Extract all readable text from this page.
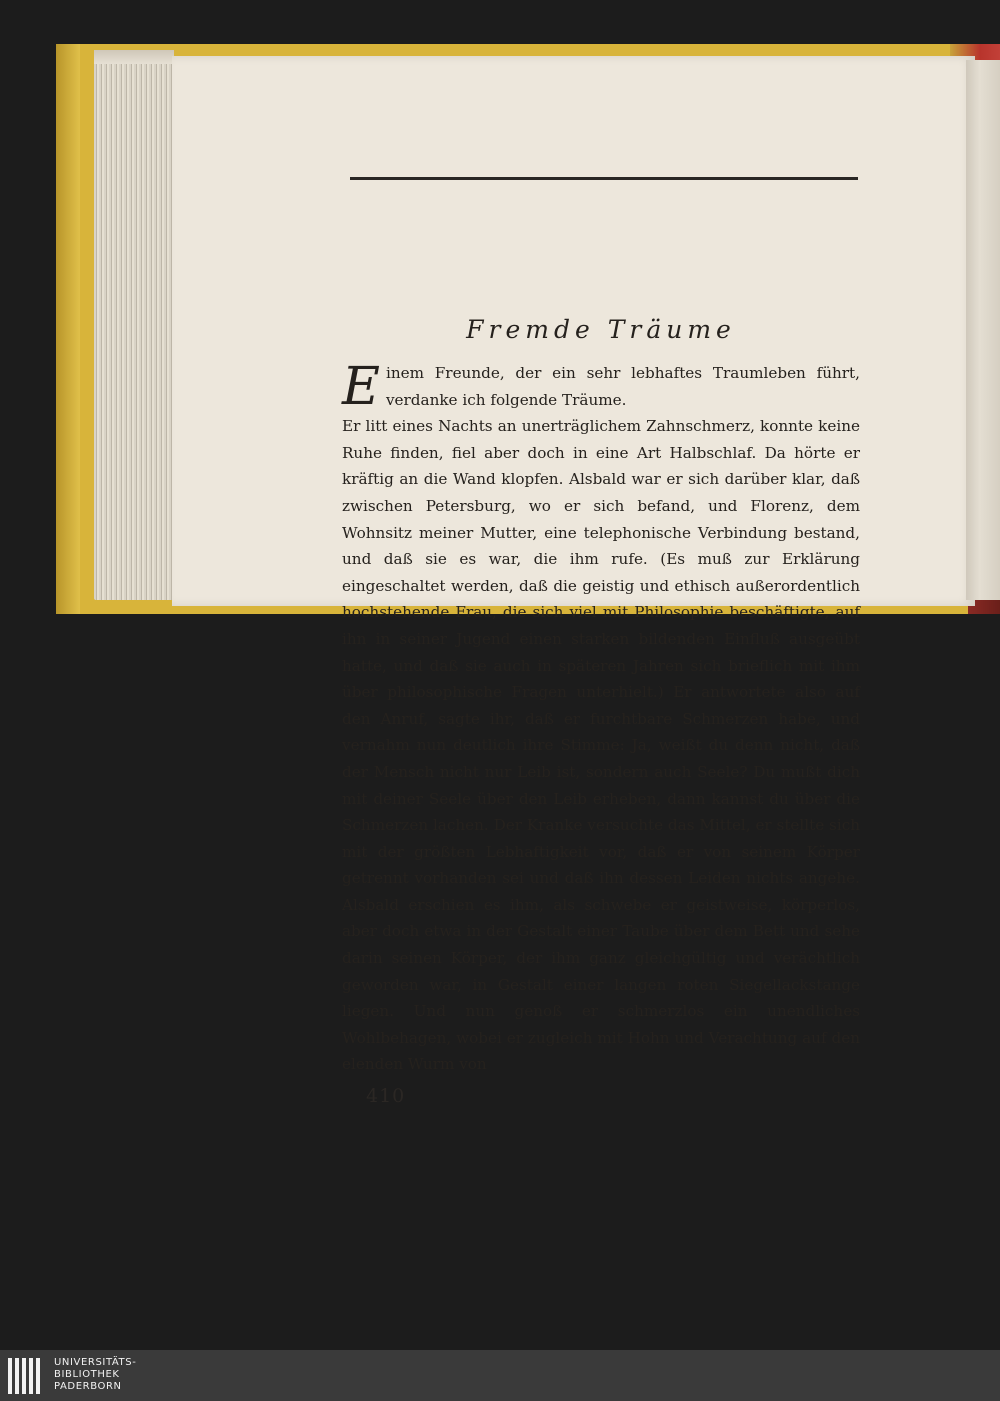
Fremde Träume

E inem Freunde, der ein sehr lebhaftes Traumleben führt, verdanke ich folgende Träume.

Er litt eines Nachts an unerträglichem Zahnschmerz, konnte keine Ruhe finden, fiel aber doch in eine Art Halbschlaf. Da hörte er kräftig an die Wand klopfen. Alsbald war er sich darüber klar, daß zwischen Petersburg, wo er sich befand, und Florenz, dem Wohnsitz meiner Mutter, eine telephonische Verbindung bestand, und daß sie es war, die ihm rufe. (Es muß zur Erklärung eingeschaltet werden, daß die geistig und ethisch außerordentlich hochstehende Frau, die sich viel mit Philosophie beschäftigte, auf ihn in seiner Jugend einen starken bildenden Einfluß ausgeübt hatte, und daß sie auch in späteren Jahren sich brieflich mit ihm über philosophische Fragen unterhielt.) Er antwortete also auf den Anruf, sagte ihr, daß er furchtbare Schmerzen habe, und vernahm nun deutlich ihre Stimme: Ja, weißt du denn nicht, daß der Mensch nicht nur Leib ist, sondern auch Seele? Du mußt dich mit deiner Seele über den Leib erheben, dann kannst du über die Schmerzen lachen. Der Kranke versuchte das Mittel, er stellte sich mit der größten Lebhaftigkeit vor, daß er von seinem Körper getrennt vorhanden sei und daß ihn dessen Leiden nichts angehe. Alsbald erschien es ihm, als schwebe er geistweise, körperlos, aber doch etwa in der Gestalt einer Taube über dem Bett und sehe darin seinen Körper, der ihm ganz gleichgültig und verächtlich geworden war, in Gestalt einer langen roten Siegellackstange liegen. Und nun genoß er schmerzlos ein unendliches Wohlbehagen, wobei er zugleich mit Hohn und Verachtung auf den elenden Wurm von

410
UNIVERSITÄTS-
BIBLIOTHEK
PADERBORN
